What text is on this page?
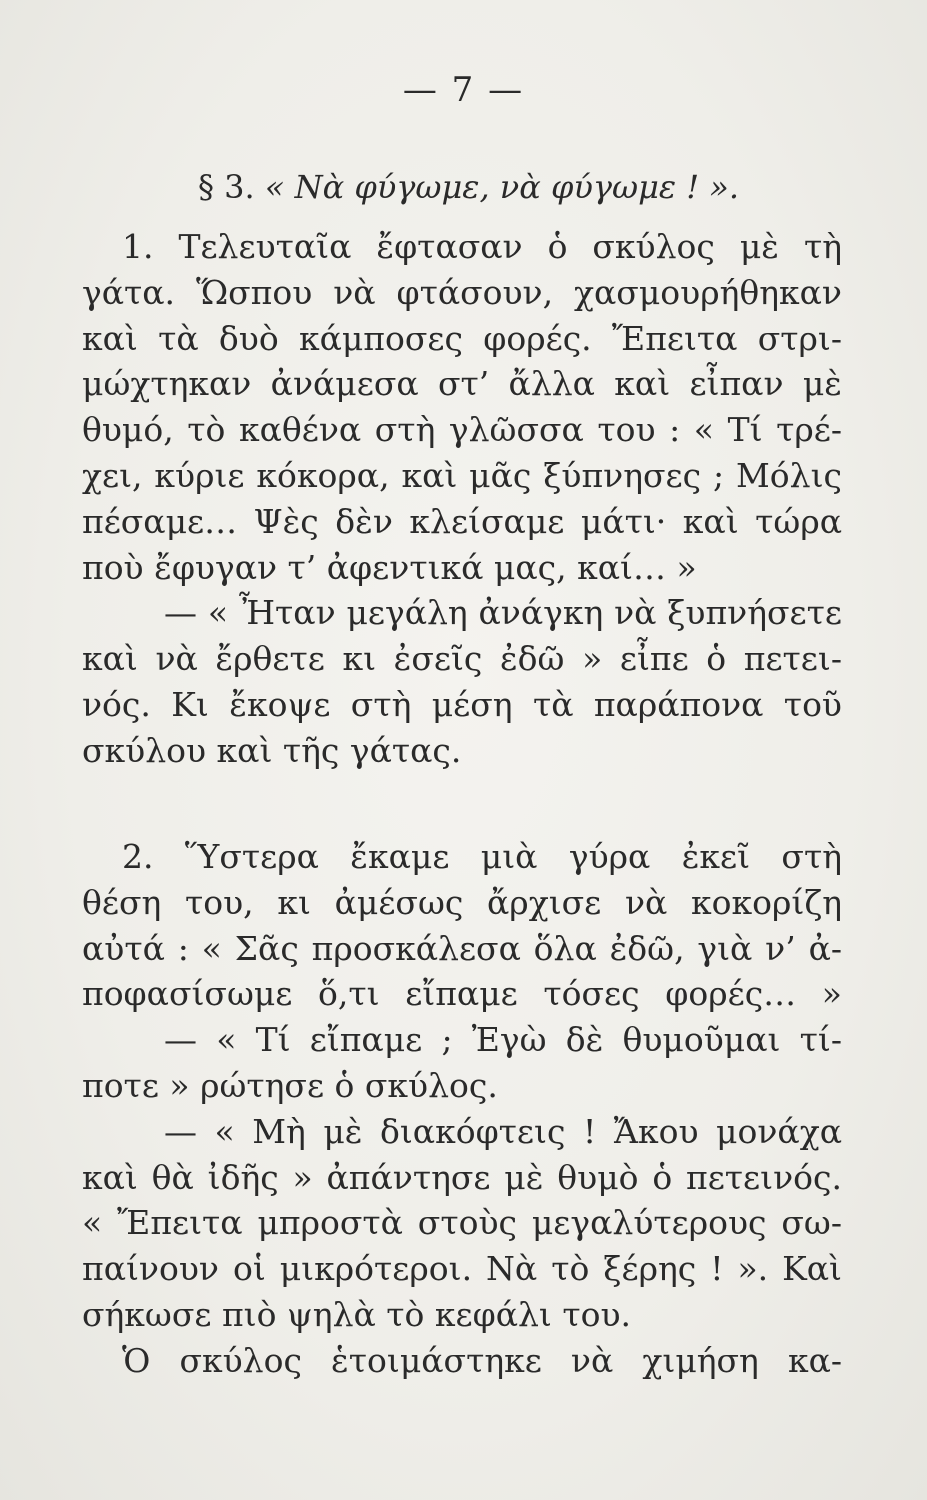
— 7 —
§ 3. « Νὰ φύγωμε, νὰ φύγωμε ! ».
1. Τελευταῖα ἔφτασαν ὁ σκύλος μὲ τὴ
γάτα. Ὥσπου νὰ φτάσουν, χασμουρήθηκαν
καὶ τὰ δυὸ κάμποσες φορές. Ἔπειτα στρι-
μώχτηκαν ἀνάμεσα στ’ ἄλλα καὶ εἶπαν μὲ
θυμό, τὸ καθένα στὴ γλῶσσα του : « Τί τρέ-
χει, κύριε κόκορα, καὶ μᾶς ξύπνησες ; Μόλις
πέσαμε… Ψὲς δὲν κλείσαμε μάτι· καὶ τώρα
ποὺ ἔφυγαν τ’ ἀφεντικά μας, καί… »
— « Ἦταν μεγάλη ἀνάγκη νὰ ξυπνήσετε
καὶ νὰ ἔρθετε κι ἐσεῖς ἐδῶ » εἶπε ὁ πετει-
νός. Κι ἔκοψε στὴ μέση τὰ παράπονα τοῦ
σκύλου καὶ τῆς γάτας.
2. Ὕστερα ἔκαμε μιὰ γύρα ἐκεῖ στὴ
θέση του, κι ἀμέσως ἄρχισε νὰ κοκορίζη
αὐτά : « Σᾶς προσκάλεσα ὅλα ἐδῶ, γιὰ ν’ ἀ-
ποφασίσωμε ὅ,τι εἴπαμε τόσες φορές… »
— « Τί εἴπαμε ; Ἐγὼ δὲ θυμοῦμαι τί-
ποτε » ρώτησε ὁ σκύλος.
— « Μὴ μὲ διακόφτεις ! Ἄκου μονάχα
καὶ θὰ ἰδῆς » ἀπάντησε μὲ θυμὸ ὁ πετεινός.
« Ἔπειτα μπροστὰ στοὺς μεγαλύτερους σω-
παίνουν οἱ μικρότεροι. Νὰ τὸ ξέρης ! ». Καὶ
σήκωσε πιὸ ψηλὰ τὸ κεφάλι του.
Ὁ σκύλος ἑτοιμάστηκε νὰ χιμήση κα-
